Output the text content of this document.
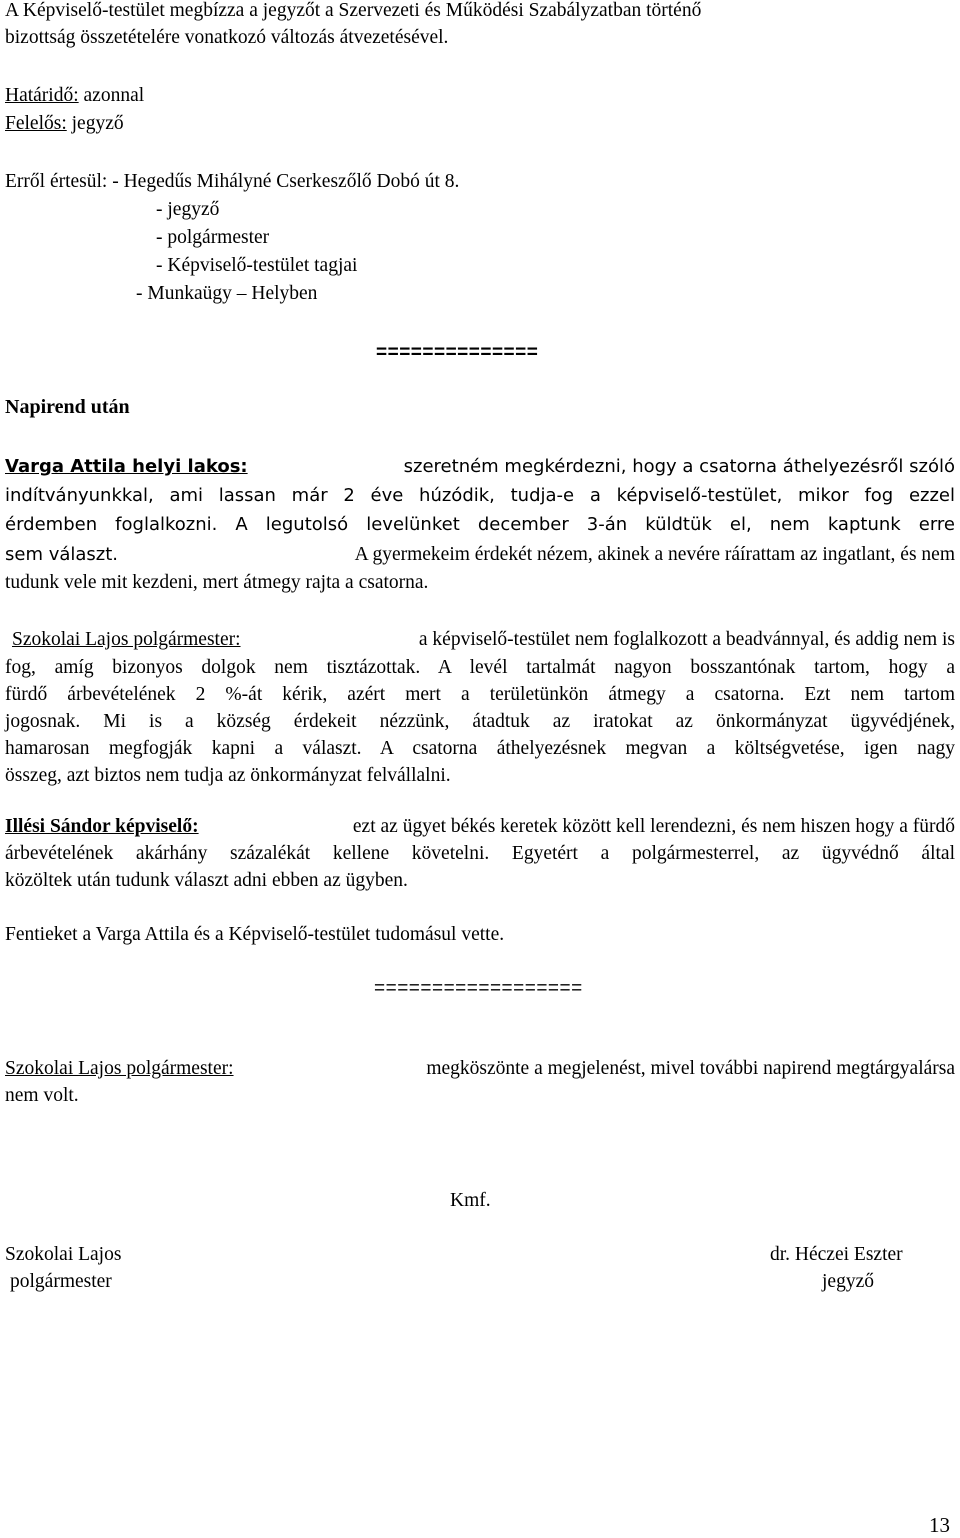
A Képviselő-testület megbízza a jegyzőt a Szervezeti és Működési Szabályzatban történő
bizottság összetételére vonatkozó változás átvezetésével.
Határidő: azonnal
Felelős: jegyző
Erről értesül: - Hegedűs Mihályné Cserkeszőlő Dobó út 8.
- jegyző
- polgármester
- Képviselő-testület tagjai
- Munkaügy – Helyben
==============
Napirend után
Varga Attila helyi lakos:	szeretném megkérdezni, hogy a csatorna áthelyezésről szóló
indítványunkkal, ami lassan már 2 éve húzódik, tudja-e a képviselő-testület, mikor fog ezzel
érdemben foglalkozni. A legutolsó levelünket december 3-án küldtük el, nem kaptunk erre
sem választ.	A gyermekeim érdekét nézem, akinek a nevére ráírattam az ingatlant, és nem
tudunk vele mit kezdeni, mert átmegy rajta a csatorna.
Szokolai Lajos polgármester:	a képviselő-testület nem foglalkozott a beadvánnyal, és addig nem is
fog, amíg bizonyos dolgok nem tisztázottak. A levél tartalmát nagyon bosszantónak tartom, hogy a
fürdő árbevételének 2 %-át kérik, azért mert a területünkön átmegy a csatorna. Ezt nem tartom
jogosnak. Mi is a község érdekeit nézzünk, átadtuk az iratokat az önkormányzat ügyvédjének,
hamarosan megfogják kapni a választ. A csatorna áthelyezésnek megvan a költségvetése, igen nagy
összeg, azt biztos nem tudja az önkormányzat felvállalni.
Illési Sándor képviselő:	ezt az ügyet békés keretek között kell lerendezni, és nem hiszen hogy a fürdő
árbevételének akárhány százalékát kellene követelni. Egyetért a polgármesterrel, az ügyvédnő által
közöltek után tudunk választ adni ebben az ügyben.
Fentieket a Varga Attila és a Képviselő-testület tudomásul vette.
==================
Szokolai Lajos polgármester:	megköszönte a megjelenést, mivel további napirend megtárgyalársa
nem volt.
Kmf.
Szokolai Lajos
polgármester
dr. Héczei Eszter
jegyző
13
